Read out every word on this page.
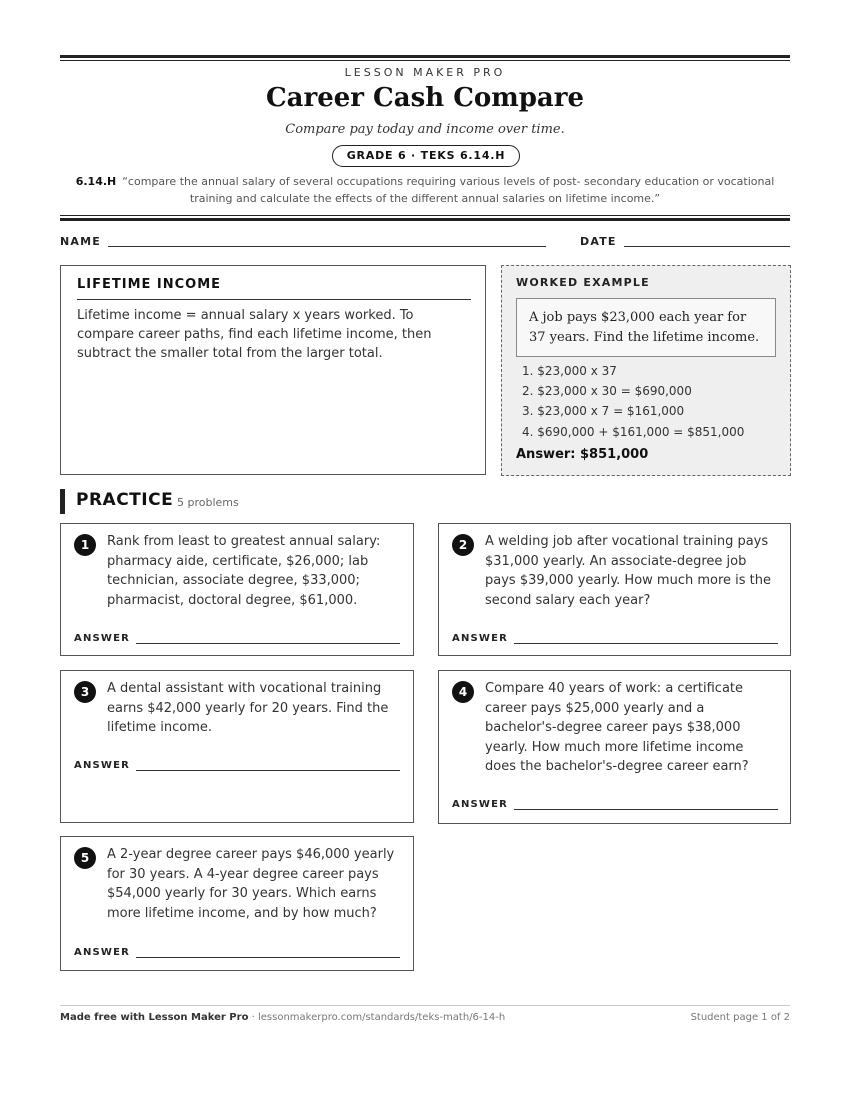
LESSON MAKER PRO
Career Cash Compare
Compare pay today and income over time.
GRADE 6 · TEKS 6.14.H
6.14.H “compare the annual salary of several occupations requiring various levels of post- secondary education or vocational training and calculate the effects of the different annual salaries on lifetime income.”
NAME	DATE
LIFETIME INCOME
Lifetime income = annual salary x years worked. To compare career paths, find each lifetime income, then subtract the smaller total from the larger total.
WORKED EXAMPLE
A job pays $23,000 each year for 37 years. Find the lifetime income.
1. $23,000 x 37
2. $23,000 x 30 = $690,000
3. $23,000 x 7 = $161,000
4. $690,000 + $161,000 = $851,000
Answer: $851,000
PRACTICE 5 problems
1	Rank from least to greatest annual salary: pharmacy aide, certificate, $26,000; lab technician, associate degree, $33,000; pharmacist, doctoral degree, $61,000.
ANSWER
2	A welding job after vocational training pays $31,000 yearly. An associate-degree job pays $39,000 yearly. How much more is the second salary each year?
ANSWER
3	A dental assistant with vocational training earns $42,000 yearly for 20 years. Find the lifetime income.
ANSWER
4	Compare 40 years of work: a certificate career pays $25,000 yearly and a bachelor's-degree career pays $38,000 yearly. How much more lifetime income does the bachelor's-degree career earn?
ANSWER
5	A 2-year degree career pays $46,000 yearly for 30 years. A 4-year degree career pays $54,000 yearly for 30 years. Which earns more lifetime income, and by how much?
ANSWER
Made free with Lesson Maker Pro · lessonmakerpro.com/standards/teks-math/6-14-h	Student page 1 of 2
